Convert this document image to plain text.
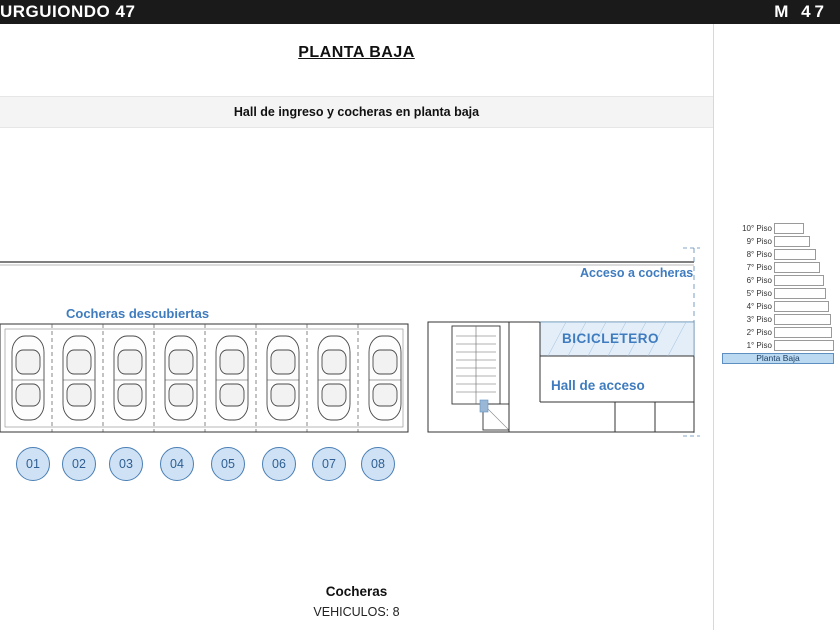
URGUIONDO 47	M 47
PLANTA BAJA
Hall de ingreso y cocheras en planta baja
Acceso a cocheras
Cocheras descubiertas
BICICLETERO
Hall de acceso
01	02	03	04	05	06	07	08
Cocheras
VEHICULOS: 8
10° Piso
9° Piso
8° Piso
7° Piso
6° Piso
5° Piso
4° Piso
3° Piso
2° Piso
1° Piso
Planta Baja
